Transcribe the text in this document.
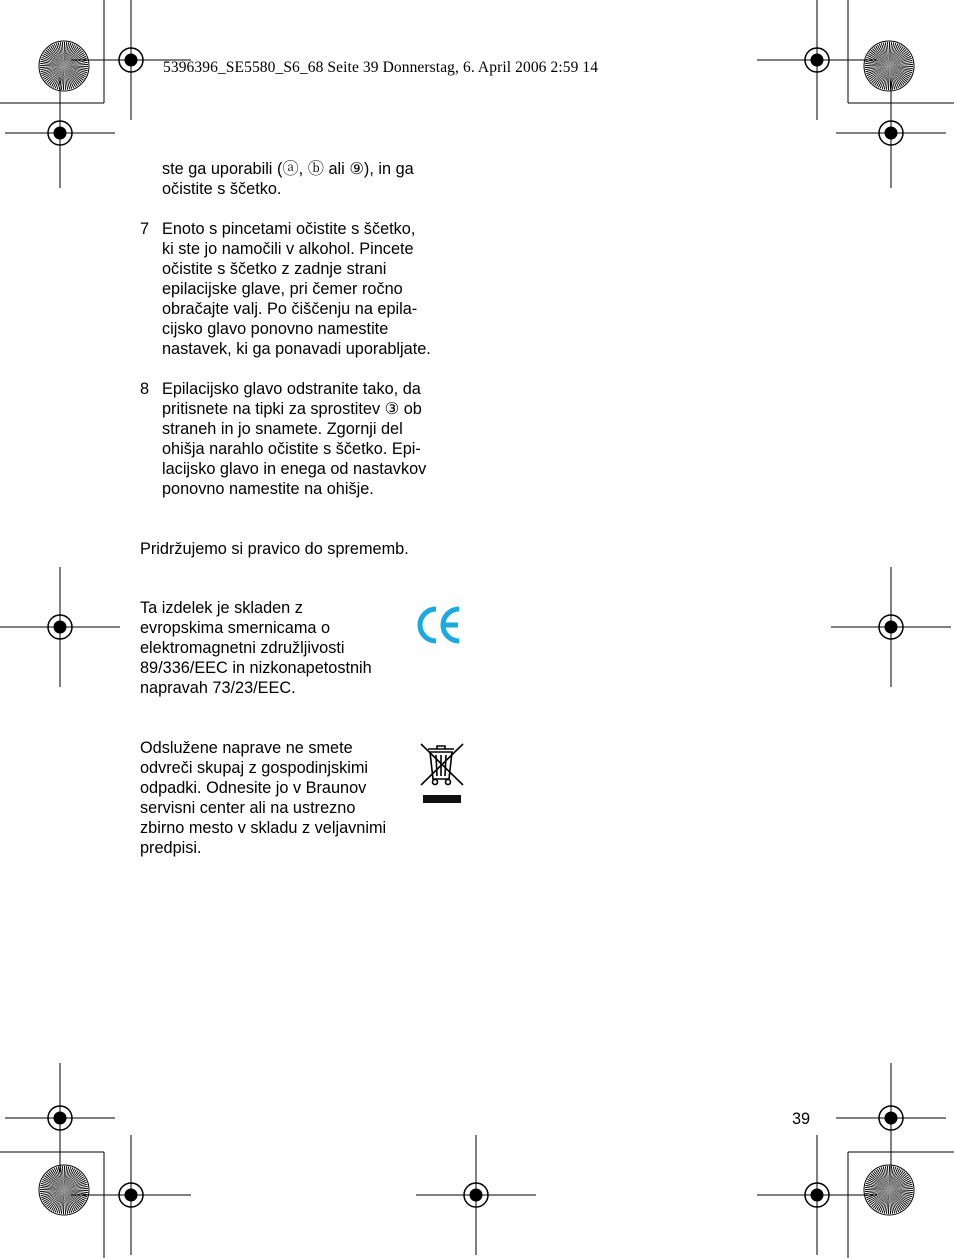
5396396_SE5580_S6_68 Seite 39 Donnerstag, 6. April 2006 2:59 14
ste ga uporabili (ⓐ, ⓑ ali ⑨), in ga
očistite s ščetko.
7 Enoto s pincetami očistite s ščetko,
ki ste jo namočili v alkohol. Pincete
očistite s ščetko z zadnje strani
epilacijske glave, pri čemer ročno
obračajte valj. Po čiščenju na epila-
cijsko glavo ponovno namestite
nastavek, ki ga ponavadi uporabljate.
8 Epilacijsko glavo odstranite tako, da
pritisnete na tipki za sprostitev ③ ob
straneh in jo snamete. Zgornji del
ohišja narahlo očistite s ščetko. Epi-
lacijsko glavo in enega od nastavkov
ponovno namestite na ohišje.
Pridržujemo si pravico do sprememb.
Ta izdelek je skladen z
evropskima smernicama o
elektromagnetni združljivosti
89/336/EEC in nizkonapetostnih
napravah 73/23/EEC.
Odslužene naprave ne smete
odvreči skupaj z gospodinjskimi
odpadki. Odnesite jo v Braunov
servisni center ali na ustrezno
zbirno mesto v skladu z veljavnimi
predpisi.
39
